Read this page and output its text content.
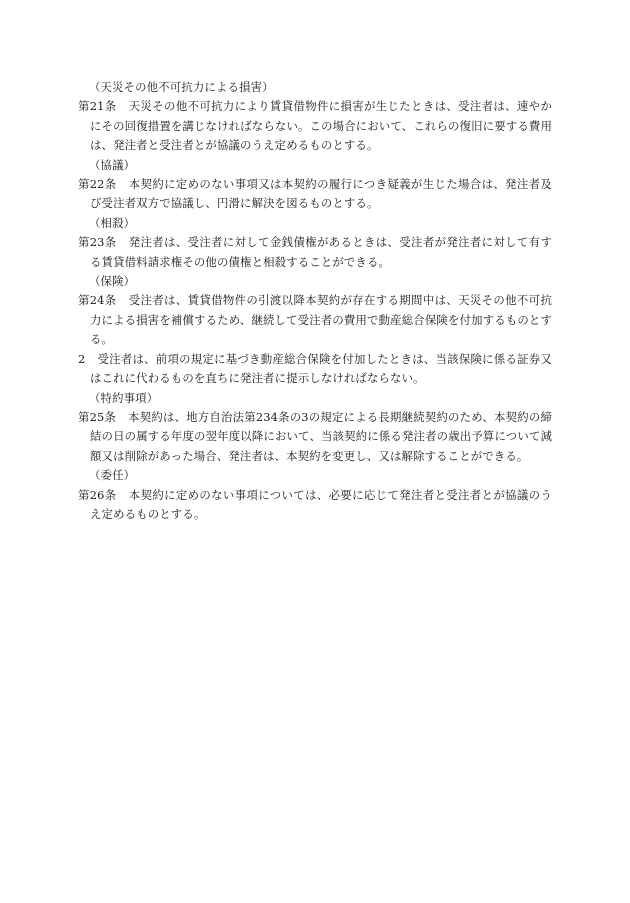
（天災その他不可抗力による損害）

第21条 天災その他不可抗力により賃貸借物件に損害が生じたときは、受注者は、速やかにその回復措置を講じなければならない。この場合において、これらの復旧に要する費用は、発注者と受注者とが協議のうえ定めるものとする。

（協議）

第22条 本契約に定めのない事項又は本契約の履行につき疑義が生じた場合は、発注者及び受注者双方で協議し、円滑に解決を図るものとする。

（相殺）

第23条 発注者は、受注者に対して金銭債権があるときは、受注者が発注者に対して有する賃貸借料請求権その他の債権と相殺することができる。

（保険）

第24条 受注者は、賃貸借物件の引渡以降本契約が存在する期間中は、天災その他不可抗力による損害を補償するため、継続して受注者の費用で動産総合保険を付加するものとする。

2 受注者は、前項の規定に基づき動産総合保険を付加したときは、当該保険に係る証券又はこれに代わるものを直ちに発注者に提示しなければならない。

（特約事項）

第25条 本契約は、地方自治法第234条の3の規定による長期継続契約のため、本契約の締結の日の属する年度の翌年度以降において、当該契約に係る発注者の歳出予算について減額又は削除があった場合、発注者は、本契約を変更し、又は解除することができる。

（委任）

第26条 本契約に定めのない事項については、必要に応じて発注者と受注者とが協議のうえ定めるものとする。
